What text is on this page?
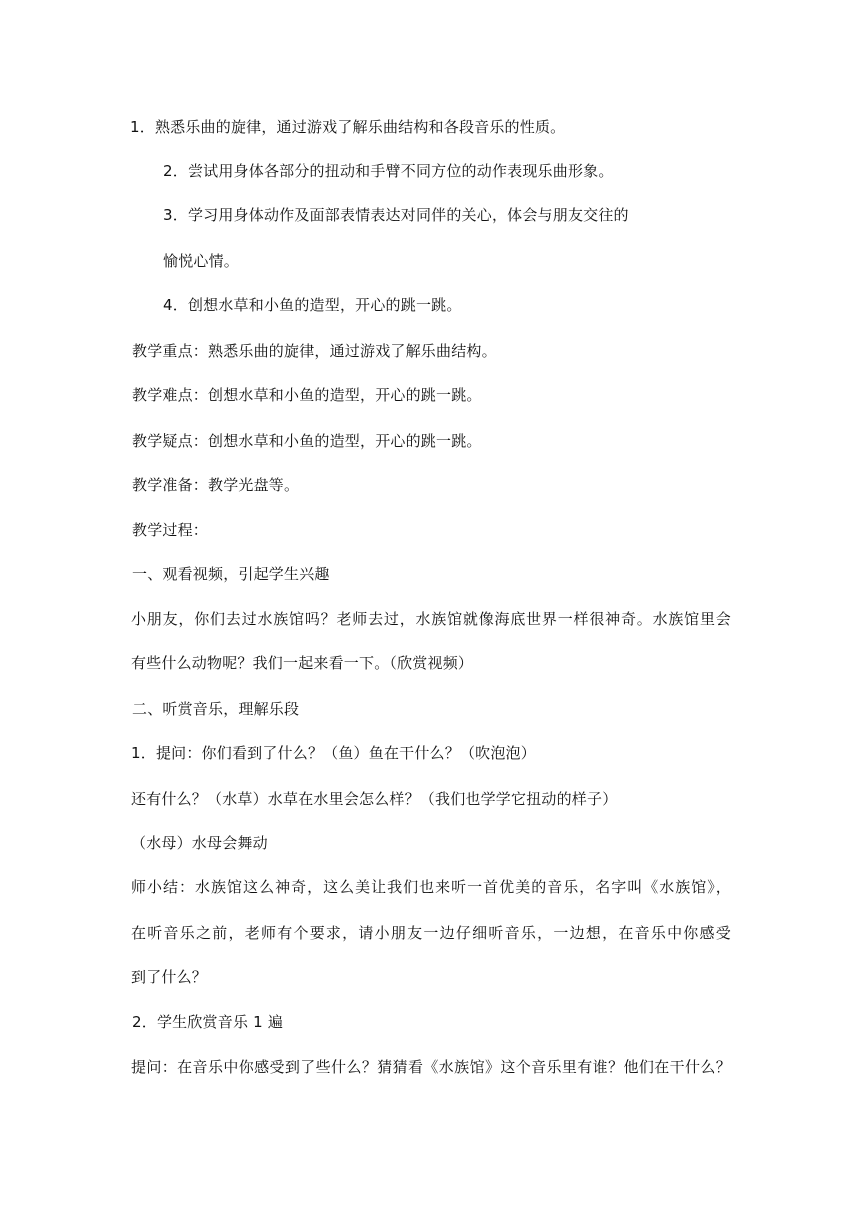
1．熟悉乐曲的旋律，通过游戏了解乐曲结构和各段音乐的性质。
2．尝试用身体各部分的扭动和手臂不同方位的动作表现乐曲形象。
3．学习用身体动作及面部表情表达对同伴的关心，体会与朋友交往的
愉悦心情。
4．创想水草和小鱼的造型，开心的跳一跳。
教学重点：熟悉乐曲的旋律，通过游戏了解乐曲结构。
教学难点：创想水草和小鱼的造型，开心的跳一跳。
教学疑点：创想水草和小鱼的造型，开心的跳一跳。
教学准备：教学光盘等。
教学过程：
一、观看视频，引起学生兴趣
小朋友，你们去过水族馆吗？老师去过，水族馆就像海底世界一样很神奇。水族馆里会
有些什么动物呢？我们一起来看一下。（欣赏视频）
二、听赏音乐，理解乐段
1．提问：你们看到了什么？（鱼）鱼在干什么？（吹泡泡）
还有什么？（水草）水草在水里会怎么样？（我们也学学它扭动的样子）
（水母）水母会舞动
师小结：水族馆这么神奇，这么美让我们也来听一首优美的音乐，名字叫《水族馆》，
在听音乐之前，老师有个要求，请小朋友一边仔细听音乐，一边想，在音乐中你感受
到了什么？
2．学生欣赏音乐 1 遍
提问：在音乐中你感受到了些什么？猜猜看《水族馆》这个音乐里有谁？他们在干什么？
